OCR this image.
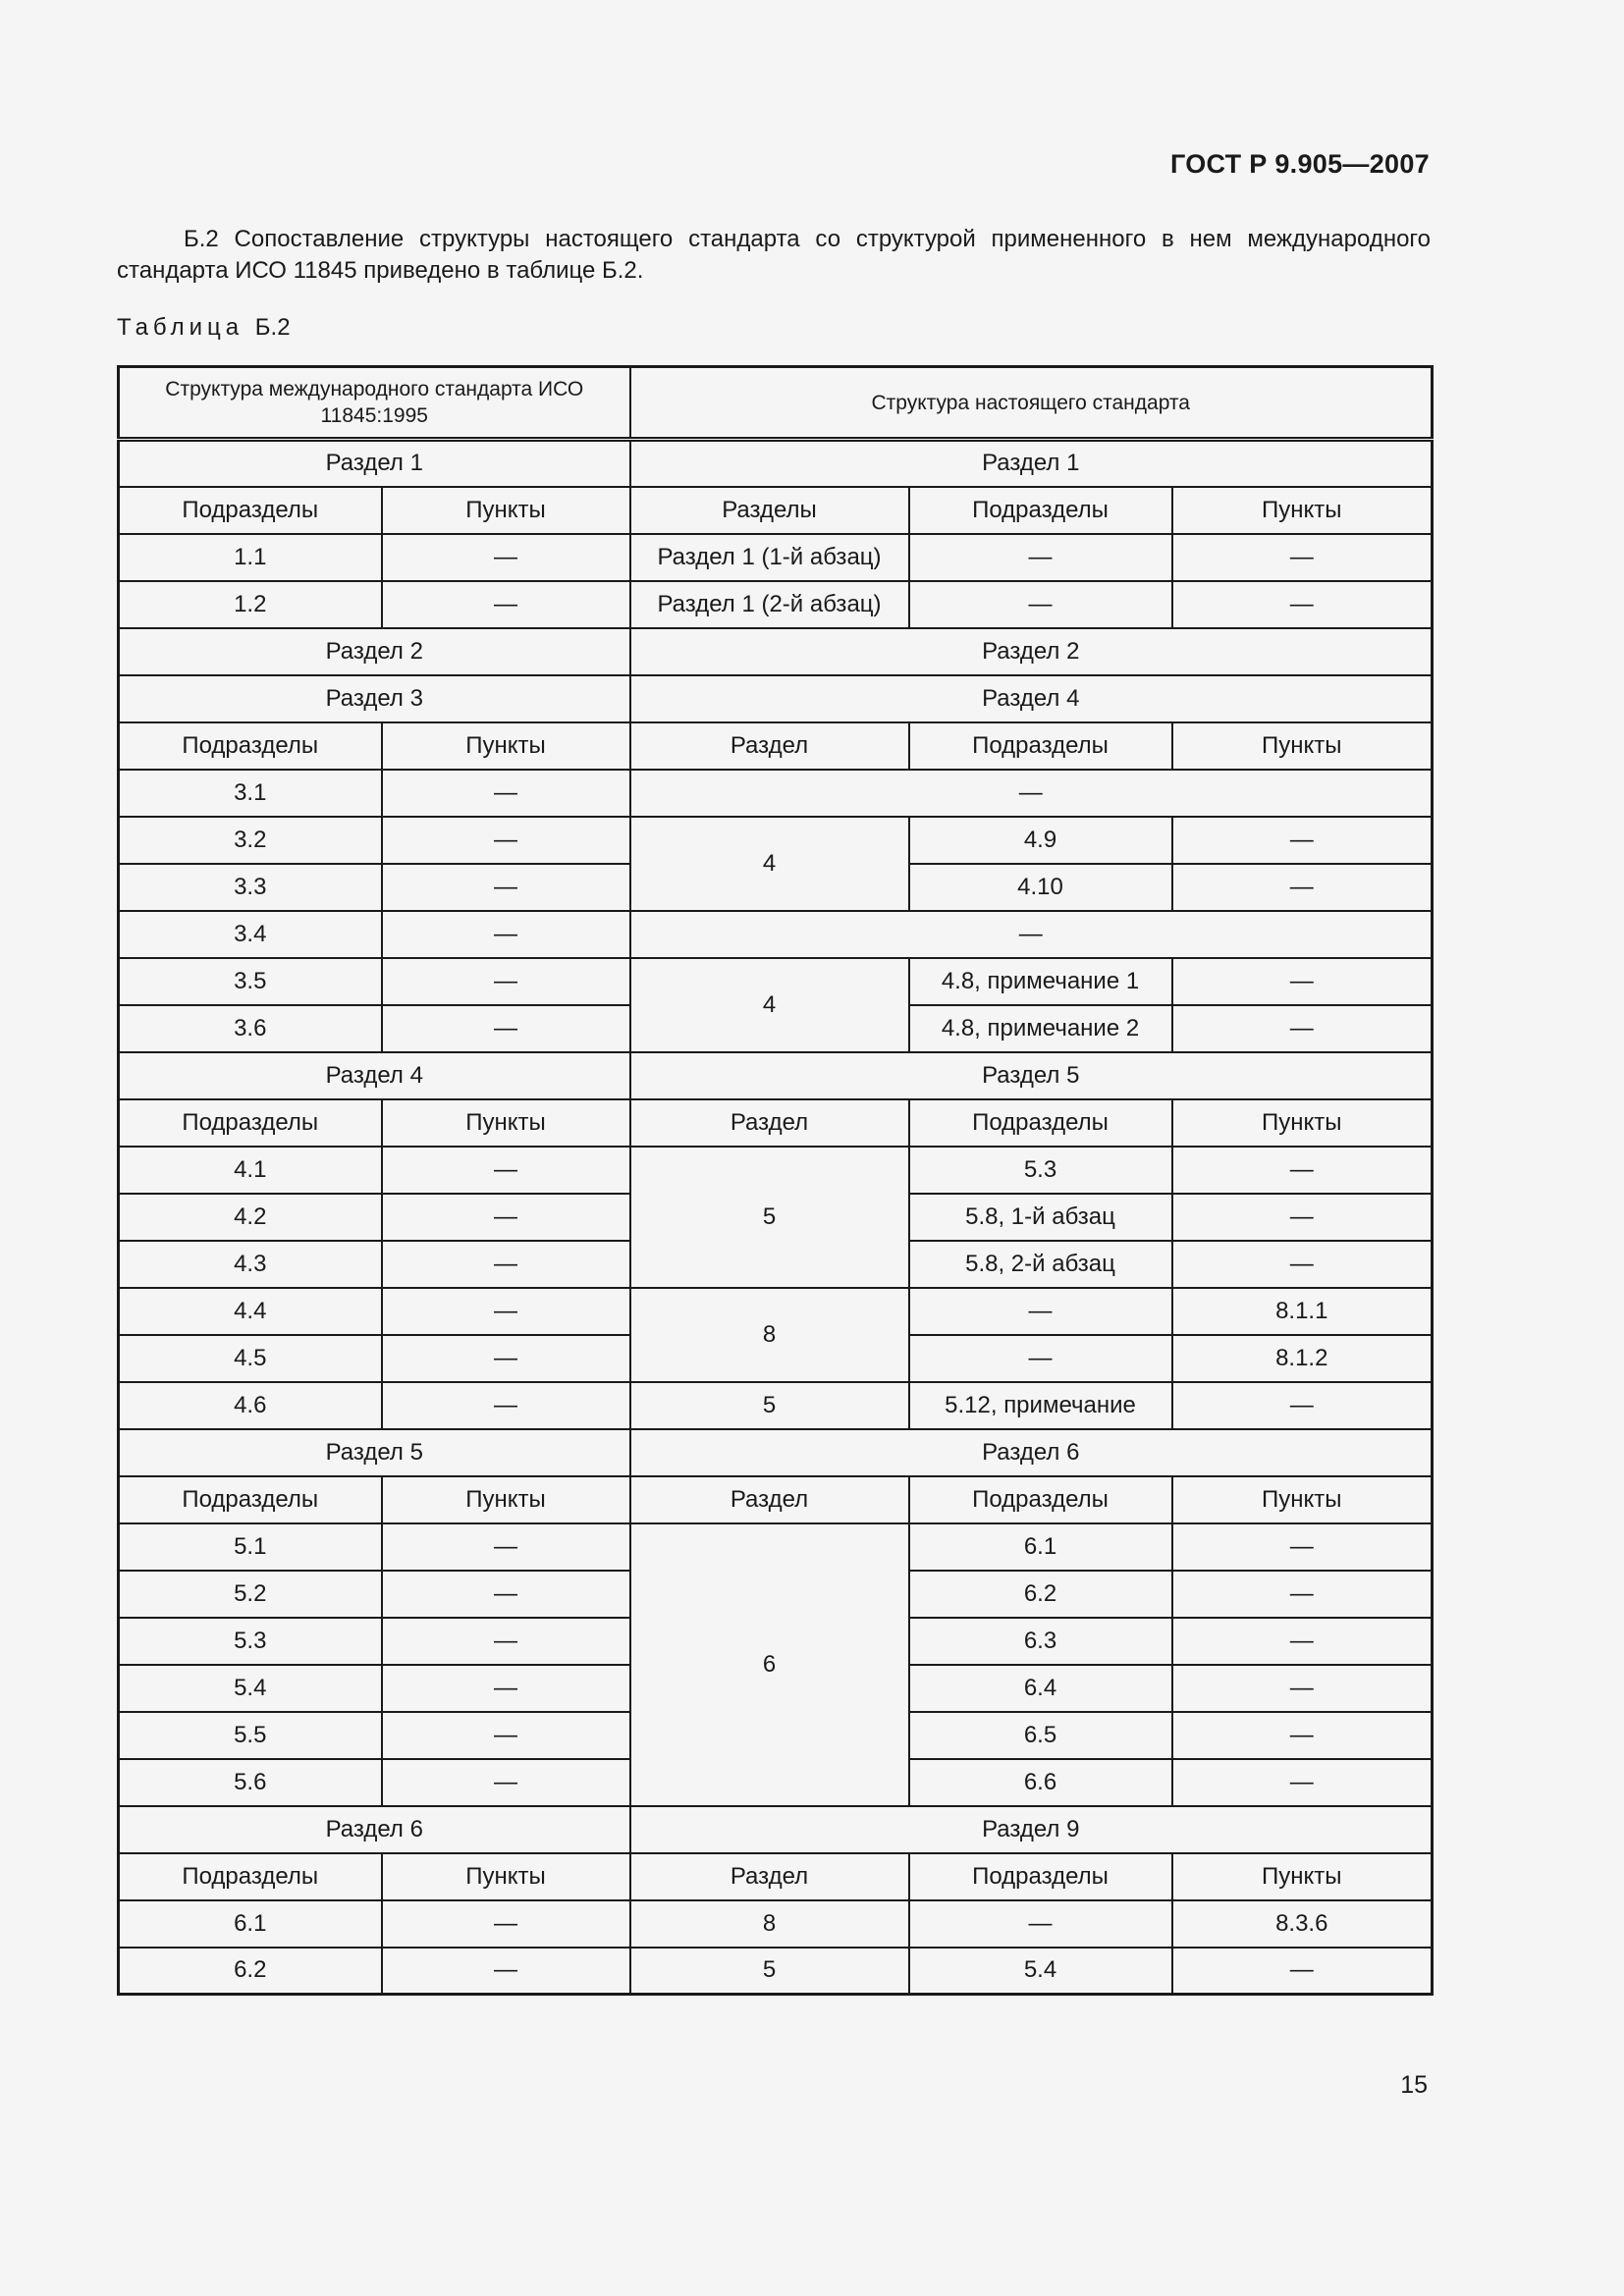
ГОСТ Р 9.905—2007

Б.2 Сопоставление структуры настоящего стандарта со структурой примененного в нем международного стандарта ИСО 11845 приведено в таблице Б.2.

Таблица Б.2
Структура международного стандарта ИСО 11845:1995		Структура настоящего стандарта		
Раздел 1		Раздел 1		
Подразделы	Пункты	Разделы	Подразделы	Пункты
1.1	—	Раздел 1 (1-й абзац)	—	—
1.2	—	Раздел 1 (2-й абзац)	—	—
Раздел 2		Раздел 2		
Раздел 3		Раздел 4		
Подразделы	Пункты	Раздел	Подразделы	Пункты
3.1	—	—		
3.2	—	4	4.9	—
3.3	—		4.10	—
3.4	—	—		
3.5	—	4	4.8, примечание 1	—
3.6	—		4.8, примечание 2	—
Раздел 4		Раздел 5		
Подразделы	Пункты	Раздел	Подразделы	Пункты
4.1	—	5	5.3	—
4.2	—		5.8, 1-й абзац	—
4.3	—		5.8, 2-й абзац	—
4.4	—	8	—	8.1.1
4.5	—		—	8.1.2
4.6	—	5	5.12, примечание	—
Раздел 5		Раздел 6		
Подразделы	Пункты	Раздел	Подразделы	Пункты
5.1	—	6	6.1	—
5.2	—		6.2	—
5.3	—		6.3	—
5.4	—		6.4	—
5.5	—		6.5	—
5.6	—		6.6	—
Раздел 6		Раздел 9		
Подразделы	Пункты	Раздел	Подразделы	Пункты
6.1	—	8	—	8.3.6
6.2	—	5	5.4	—
15
